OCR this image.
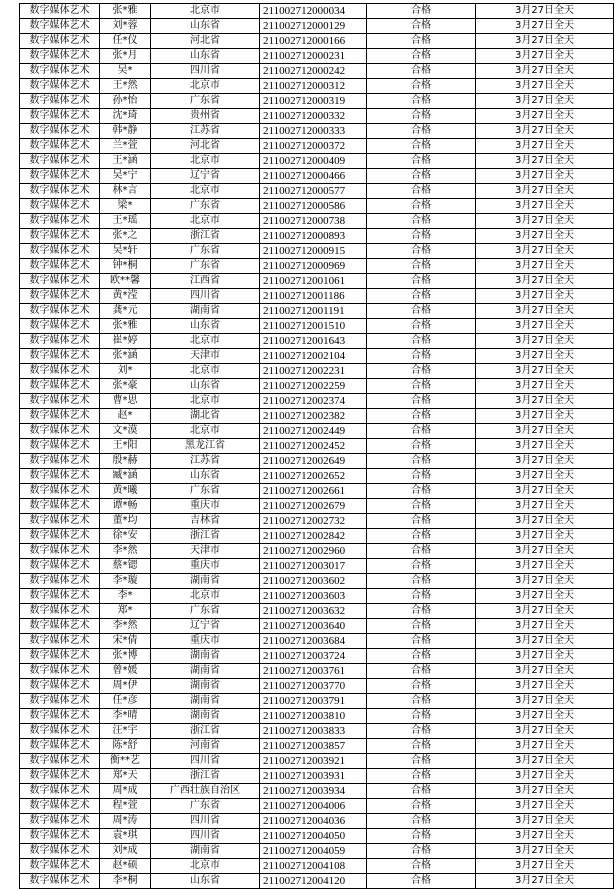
数字媒体艺术	张*雅	北京市	211002712000034	合格	3月27日全天
数字媒体艺术	刘*蓉	山东省	211002712000129	合格	3月27日全天
数字媒体艺术	任*仪	河北省	211002712000166	合格	3月27日全天
数字媒体艺术	张*月	山东省	211002712000231	合格	3月27日全天
数字媒体艺术	吴*	四川省	211002712000242	合格	3月27日全天
数字媒体艺术	王*然	北京市	211002712000312	合格	3月27日全天
数字媒体艺术	孙*怡	广东省	211002712000319	合格	3月27日全天
数字媒体艺术	沈*琦	贵州省	211002712000332	合格	3月27日全天
数字媒体艺术	韩*静	江苏省	211002712000333	合格	3月27日全天
数字媒体艺术	兰*萱	河北省	211002712000372	合格	3月27日全天
数字媒体艺术	王*涵	北京市	211002712000409	合格	3月27日全天
数字媒体艺术	吴*宁	辽宁省	211002712000466	合格	3月27日全天
数字媒体艺术	林*言	北京市	211002712000577	合格	3月27日全天
数字媒体艺术	梁*	广东省	211002712000586	合格	3月27日全天
数字媒体艺术	王*瑶	北京市	211002712000738	合格	3月27日全天
数字媒体艺术	张*之	浙江省	211002712000893	合格	3月27日全天
数字媒体艺术	吴*轩	广东省	211002712000915	合格	3月27日全天
数字媒体艺术	钟*桐	广东省	211002712000969	合格	3月27日全天
数字媒体艺术	欧**馨	江西省	211002712001061	合格	3月27日全天
数字媒体艺术	黄*滢	四川省	211002712001186	合格	3月27日全天
数字媒体艺术	龚*元	湖南省	211002712001191	合格	3月27日全天
数字媒体艺术	张*雅	山东省	211002712001510	合格	3月27日全天
数字媒体艺术	崔*婷	北京市	211002712001643	合格	3月27日全天
数字媒体艺术	张*涵	天津市	211002712002104	合格	3月27日全天
数字媒体艺术	刘*	北京市	211002712002231	合格	3月27日全天
数字媒体艺术	张*豪	山东省	211002712002259	合格	3月27日全天
数字媒体艺术	曹*思	北京市	211002712002374	合格	3月27日全天
数字媒体艺术	赵*	湖北省	211002712002382	合格	3月27日全天
数字媒体艺术	文*漠	北京市	211002712002449	合格	3月27日全天
数字媒体艺术	王*阳	黑龙江省	211002712002452	合格	3月27日全天
数字媒体艺术	殷*赫	江苏省	211002712002649	合格	3月27日全天
数字媒体艺术	臧*涵	山东省	211002712002652	合格	3月27日全天
数字媒体艺术	黄*曦	广东省	211002712002661	合格	3月27日全天
数字媒体艺术	谭*畅	重庆市	211002712002679	合格	3月27日全天
数字媒体艺术	董*均	吉林省	211002712002732	合格	3月27日全天
数字媒体艺术	徐*安	浙江省	211002712002842	合格	3月27日全天
数字媒体艺术	李*然	天津市	211002712002960	合格	3月27日全天
数字媒体艺术	蔡*锶	重庆市	211002712003017	合格	3月27日全天
数字媒体艺术	李*璇	湖南省	211002712003602	合格	3月27日全天
数字媒体艺术	李*	北京市	211002712003603	合格	3月27日全天
数字媒体艺术	郑*	广东省	211002712003632	合格	3月27日全天
数字媒体艺术	李*然	辽宁省	211002712003640	合格	3月27日全天
数字媒体艺术	宋*倩	重庆市	211002712003684	合格	3月27日全天
数字媒体艺术	张*博	湖南省	211002712003724	合格	3月27日全天
数字媒体艺术	曾*媛	湖南省	211002712003761	合格	3月27日全天
数字媒体艺术	周*伊	湖南省	211002712003770	合格	3月27日全天
数字媒体艺术	任*彦	湖南省	211002712003791	合格	3月27日全天
数字媒体艺术	李*晴	湖南省	211002712003810	合格	3月27日全天
数字媒体艺术	汪*宇	浙江省	211002712003833	合格	3月27日全天
数字媒体艺术	陈*舒	河南省	211002712003857	合格	3月27日全天
数字媒体艺术	衡**艺	四川省	211002712003921	合格	3月27日全天
数字媒体艺术	郑*天	浙江省	211002712003931	合格	3月27日全天
数字媒体艺术	周*成	广西壮族自治区	211002712003934	合格	3月27日全天
数字媒体艺术	程*萱	广东省	211002712004006	合格	3月27日全天
数字媒体艺术	周*涛	四川省	211002712004036	合格	3月27日全天
数字媒体艺术	袁*琪	四川省	211002712004050	合格	3月27日全天
数字媒体艺术	刘*成	湖南省	211002712004059	合格	3月27日全天
数字媒体艺术	赵*硕	北京市	211002712004108	合格	3月27日全天
数字媒体艺术	李*桐	山东省	211002712004120	合格	3月27日全天
